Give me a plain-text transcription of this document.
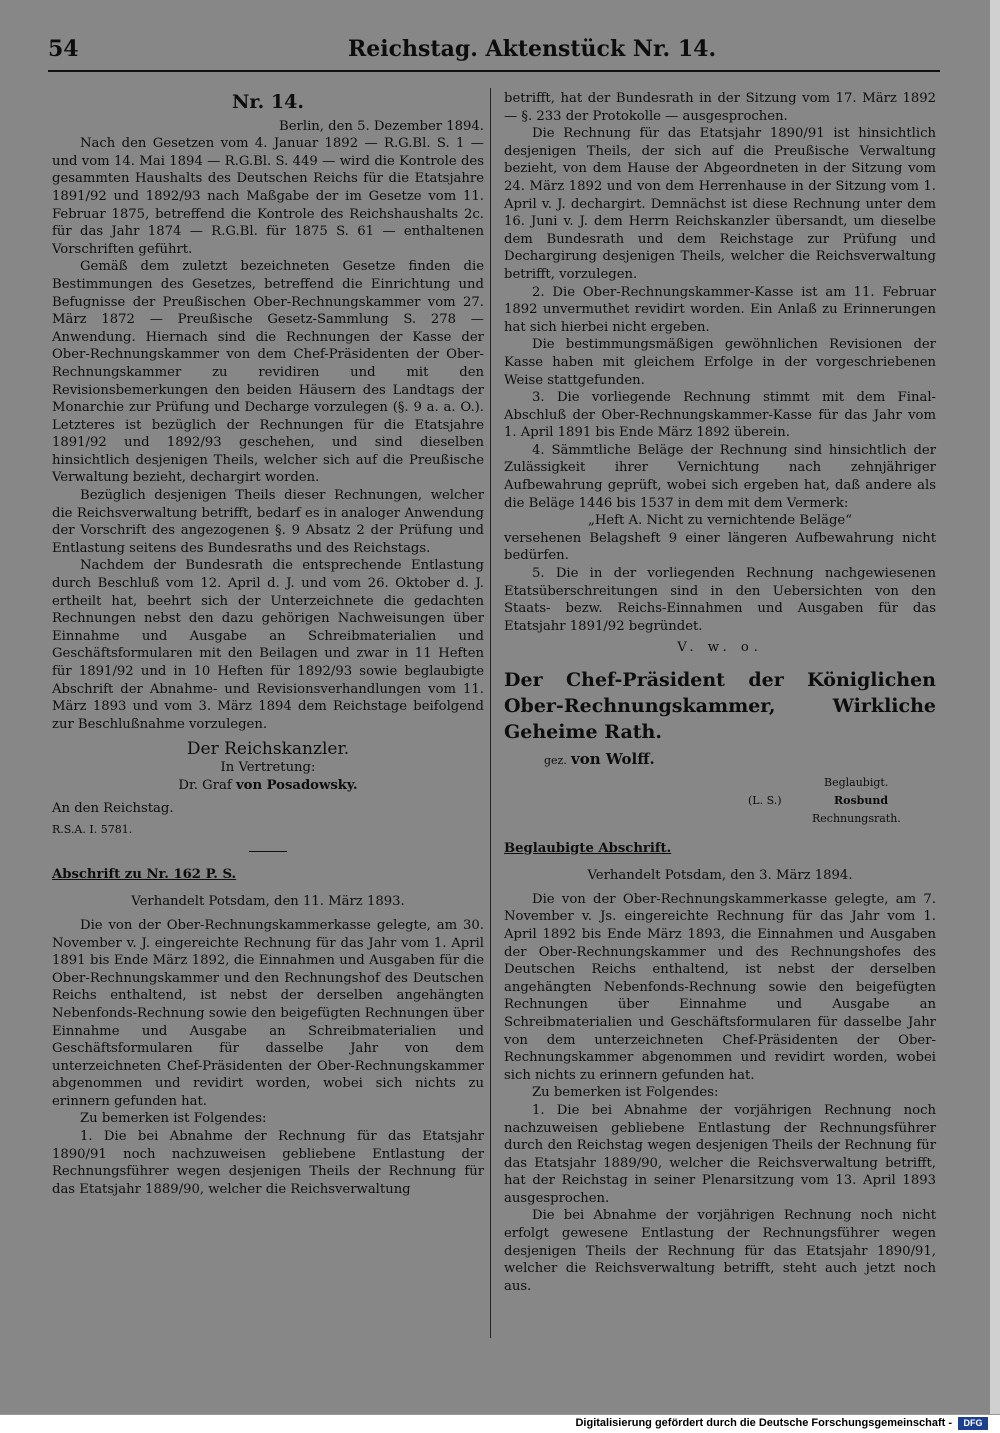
54	Reichstag. Aktenstück Nr. 14.
Nr. 14.

Berlin, den 5. Dezember 1894.

Nach den Gesetzen vom 4. Januar 1892 — R.G.Bl. S. 1 — und vom 14. Mai 1894 — R.G.Bl. S. 449 — wird die Kontrole des gesammten Haushalts des Deutschen Reichs für die Etatsjahre 1891/92 und 1892/93 nach Maßgabe der im Gesetze vom 11. Februar 1875, betreffend die Kontrole des Reichshaushalts 2c. für das Jahr 1874 — R.G.Bl. für 1875 S. 61 — enthaltenen Vorschriften geführt.

Gemäß dem zuletzt bezeichneten Gesetze finden die Bestimmungen des Gesetzes, betreffend die Einrichtung und Befugnisse der Preußischen Ober-Rechnungskammer vom 27. März 1872 — Preußische Gesetz-Sammlung S. 278 — Anwendung. Hiernach sind die Rechnungen der Kasse der Ober-Rechnungskammer von dem Chef-Präsidenten der Ober-Rechnungskammer zu revidiren und mit den Revisionsbemerkungen den beiden Häusern des Landtags der Monarchie zur Prüfung und Decharge vorzulegen (§. 9 a. a. O.). Letzteres ist bezüglich der Rechnungen für die Etatsjahre 1891/92 und 1892/93 geschehen, und sind dieselben hinsichtlich desjenigen Theils, welcher sich auf die Preußische Verwaltung bezieht, dechargirt worden.

Bezüglich desjenigen Theils dieser Rechnungen, welcher die Reichsverwaltung betrifft, bedarf es in analoger Anwendung der Vorschrift des angezogenen §. 9 Absatz 2 der Prüfung und Entlastung seitens des Bundesraths und des Reichstags.

Nachdem der Bundesrath die entsprechende Entlastung durch Beschluß vom 12. April d. J. und vom 26. Oktober d. J. ertheilt hat, beehrt sich der Unterzeichnete die gedachten Rechnungen nebst den dazu gehörigen Nachweisungen über Einnahme und Ausgabe an Schreibmaterialien und Geschäftsformularen mit den Beilagen und zwar in 11 Heften für 1891/92 und in 10 Heften für 1892/93 sowie beglaubigte Abschrift der Abnahme- und Revisionsverhandlungen vom 11. März 1893 und vom 3. März 1894 dem Reichstage beifolgend zur Beschlußnahme vorzulegen.

Der Reichskanzler.

In Vertretung:

Dr. Graf von Posadowsky.

An den Reichstag.

R.S.A. I. 5781.

Abschrift zu Nr. 162 P. S.

Verhandelt Potsdam, den 11. März 1893.

Die von der Ober-Rechnungskammerkasse gelegte, am 30. November v. J. eingereichte Rechnung für das Jahr vom 1. April 1891 bis Ende März 1892, die Einnahmen und Ausgaben für die Ober-Rechnungskammer und den Rechnungshof des Deutschen Reichs enthaltend, ist nebst der derselben angehängten Nebenfonds-Rechnung sowie den beigefügten Rechnungen über Einnahme und Ausgabe an Schreibmaterialien und Geschäftsformularen für dasselbe Jahr von dem unterzeichneten Chef-Präsidenten der Ober-Rechnungskammer abgenommen und revidirt worden, wobei sich nichts zu erinnern gefunden hat.

Zu bemerken ist Folgendes:

1. Die bei Abnahme der Rechnung für das Etatsjahr 1890/91 noch nachzuweisen gebliebene Entlastung der Rechnungsführer wegen desjenigen Theils der Rechnung für das Etatsjahr 1889/90, welcher die Reichsverwaltung

betrifft, hat der Bundesrath in der Sitzung vom 17. März 1892 — §. 233 der Protokolle — ausgesprochen.

Die Rechnung für das Etatsjahr 1890/91 ist hinsichtlich desjenigen Theils, der sich auf die Preußische Verwaltung bezieht, von dem Hause der Abgeordneten in der Sitzung vom 24. März 1892 und von dem Herrenhause in der Sitzung vom 1. April v. J. dechargirt. Demnächst ist diese Rechnung unter dem 16. Juni v. J. dem Herrn Reichskanzler übersandt, um dieselbe dem Bundesrath und dem Reichstage zur Prüfung und Dechargirung desjenigen Theils, welcher die Reichsverwaltung betrifft, vorzulegen.

2. Die Ober-Rechnungskammer-Kasse ist am 11. Februar 1892 unvermuthet revidirt worden. Ein Anlaß zu Erinnerungen hat sich hierbei nicht ergeben.

Die bestimmungsmäßigen gewöhnlichen Revisionen der Kasse haben mit gleichem Erfolge in der vorgeschriebenen Weise stattgefunden.

3. Die vorliegende Rechnung stimmt mit dem Final-Abschluß der Ober-Rechnungskammer-Kasse für das Jahr vom 1. April 1891 bis Ende März 1892 überein.

4. Sämmtliche Beläge der Rechnung sind hinsichtlich der Zulässigkeit ihrer Vernichtung nach zehnjähriger Aufbewahrung geprüft, wobei sich ergeben hat, daß andere als die Beläge 1446 bis 1537 in dem mit dem Vermerk:

„Heft A. Nicht zu vernichtende Beläge“

versehenen Belagsheft 9 einer längeren Aufbewahrung nicht bedürfen.

5. Die in der vorliegenden Rechnung nachgewiesenen Etatsüberschreitungen sind in den Uebersichten von den Staats- bezw. Reichs-Einnahmen und Ausgaben für das Etatsjahr 1891/92 begründet.

V. w. o.

Der Chef-Präsident der Königlichen Ober-Rechnungskammer, Wirkliche Geheime Rath.

gez. von Wolff.

Beglaubigt.
(L. S.)	Rosbund
Rechnungsrath.

Beglaubigte Abschrift.

Verhandelt Potsdam, den 3. März 1894.

Die von der Ober-Rechnungskammerkasse gelegte, am 7. November v. Js. eingereichte Rechnung für das Jahr vom 1. April 1892 bis Ende März 1893, die Einnahmen und Ausgaben der Ober-Rechnungskammer und des Rechnungshofes des Deutschen Reichs enthaltend, ist nebst der derselben angehängten Nebenfonds-Rechnung sowie den beigefügten Rechnungen über Einnahme und Ausgabe an Schreibmaterialien und Geschäftsformularen für dasselbe Jahr von dem unterzeichneten Chef-Präsidenten der Ober-Rechnungskammer abgenommen und revidirt worden, wobei sich nichts zu erinnern gefunden hat.

Zu bemerken ist Folgendes:

1. Die bei Abnahme der vorjährigen Rechnung noch nachzuweisen gebliebene Entlastung der Rechnungsführer durch den Reichstag wegen desjenigen Theils der Rechnung für das Etatsjahr 1889/90, welcher die Reichsverwaltung betrifft, hat der Reichstag in seiner Plenarsitzung vom 13. April 1893 ausgesprochen.

Die bei Abnahme der vorjährigen Rechnung noch nicht erfolgt gewesene Entlastung der Rechnungsführer wegen desjenigen Theils der Rechnung für das Etatsjahr 1890/91, welcher die Reichsverwaltung betrifft, steht auch jetzt noch aus.

Digitalisierung gefördert durch die Deutsche Forschungsgemeinschaft -	DFG
